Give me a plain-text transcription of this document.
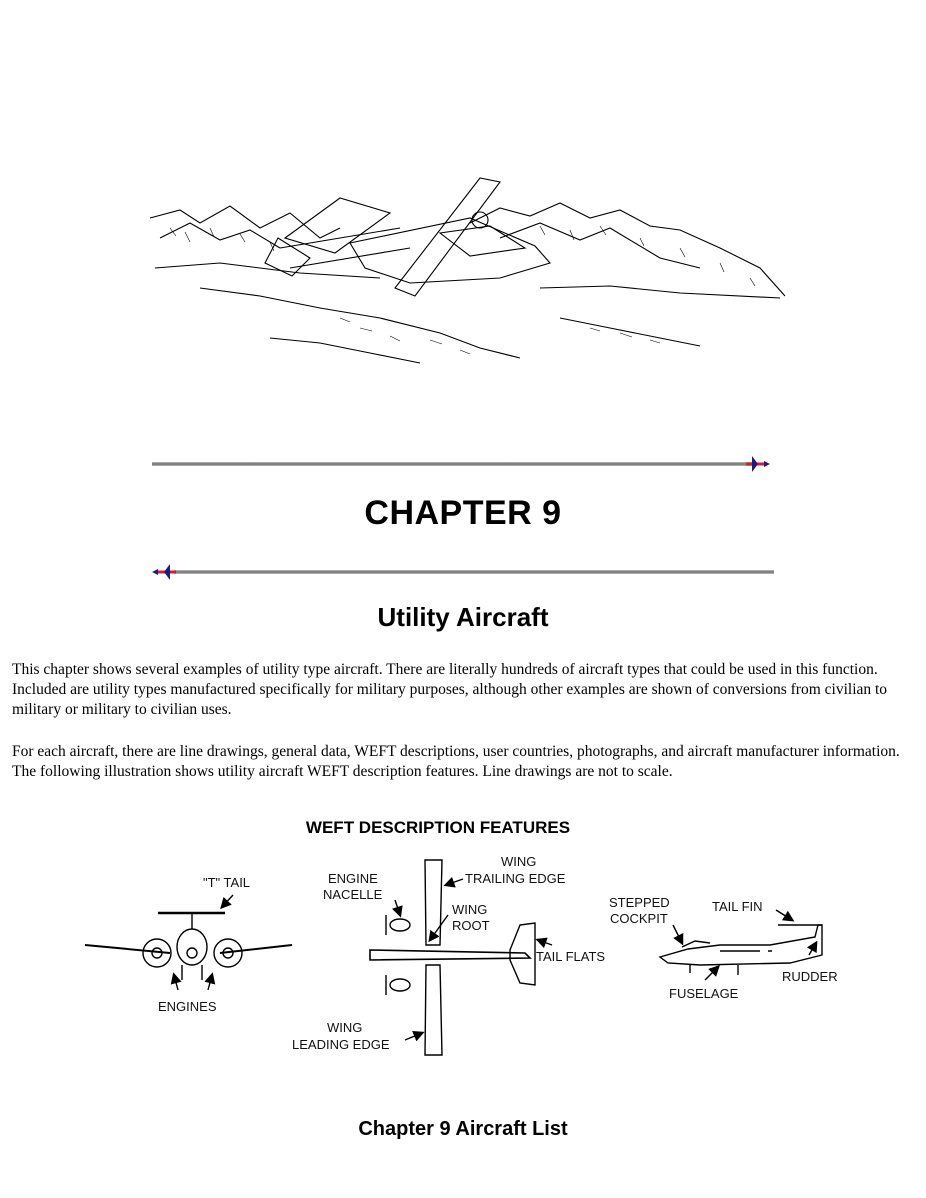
CHAPTER 9
Utility Aircraft

This chapter shows several examples of utility type aircraft. There are literally hundreds of aircraft types that could be used in this function. Included are utility types manufactured specifically for military purposes, although other examples are shown of conversions from civilian to military or military to civilian uses.

For each aircraft, there are line drawings, general data, WEFT descriptions, user countries, photographs, and aircraft manufacturer information. The following illustration shows utility aircraft WEFT description features. Line drawings are not to scale.

WEFT DESCRIPTION FEATURES
"T" TAIL
ENGINES
ENGINE
NACELLE
WING
TRAILING EDGE
WING
ROOT
TAIL FLATS
WING
LEADING EDGE
STEPPED
COCKPIT
TAIL FIN
RUDDER
FUSELAGE
Chapter 9 Aircraft List
